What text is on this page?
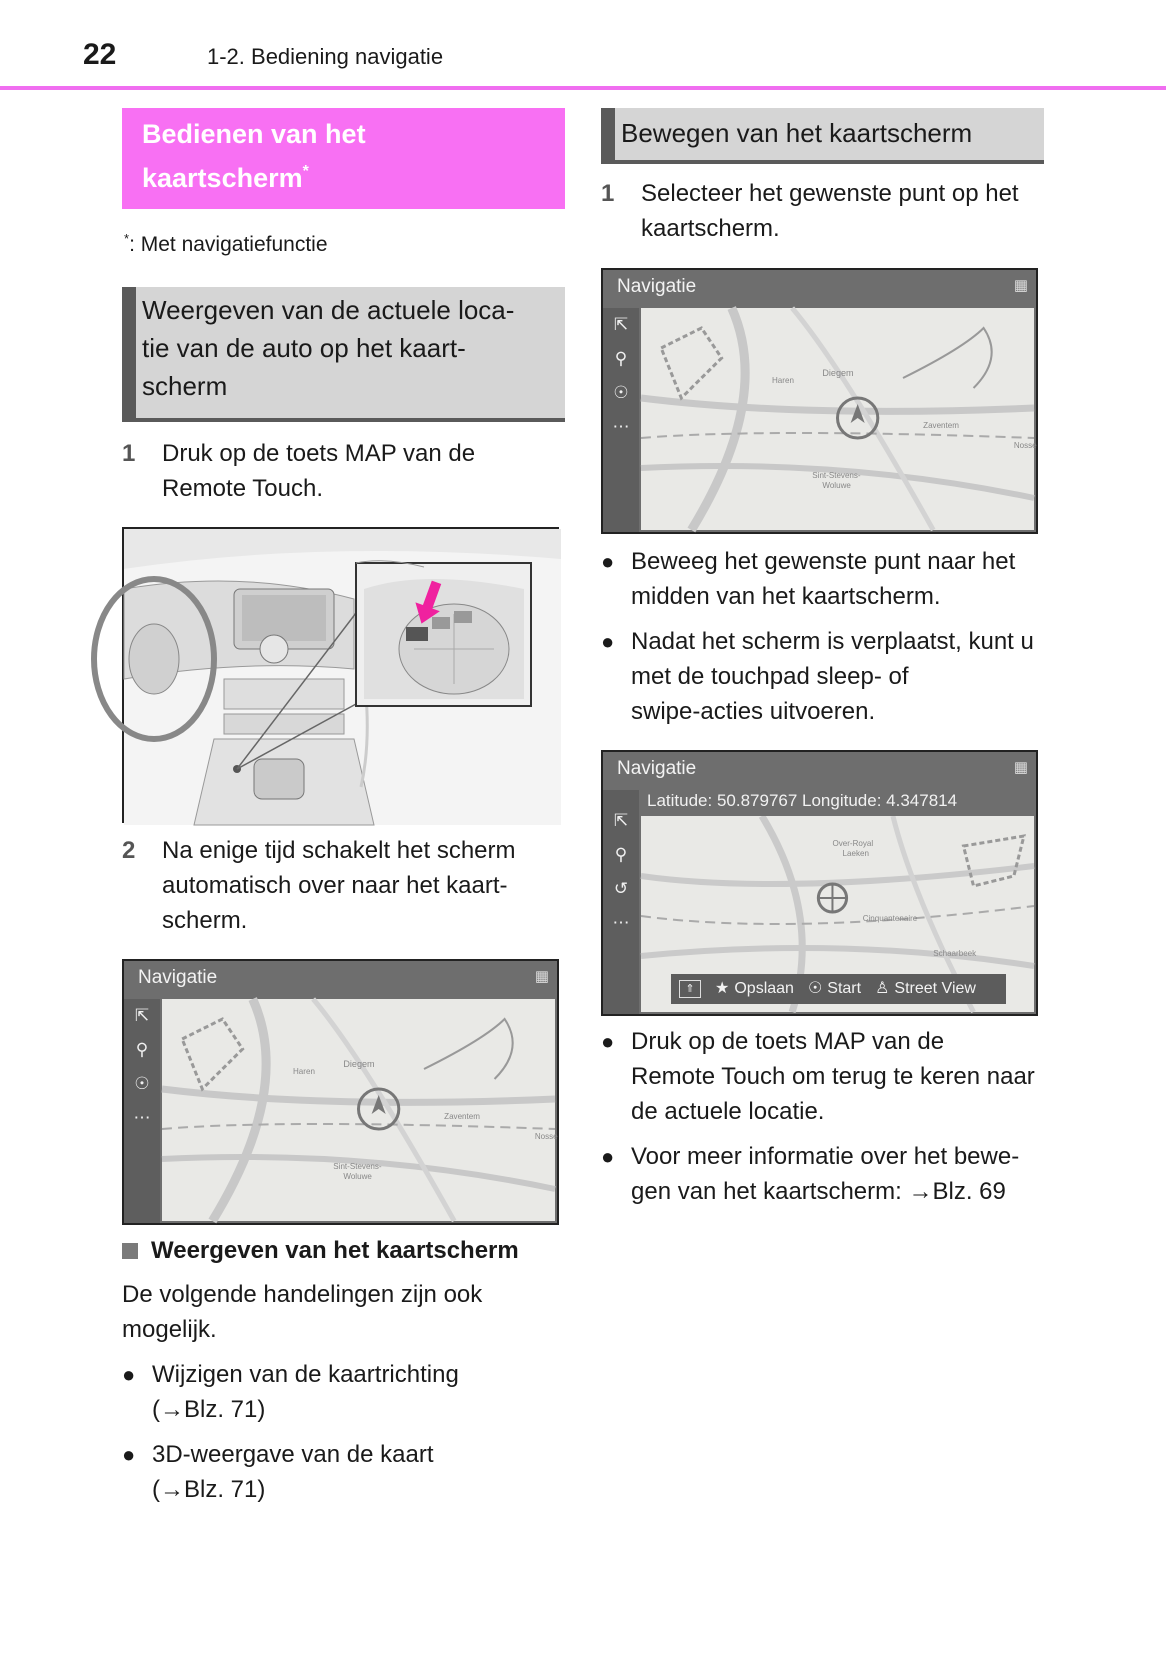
22	1-2. Bediening navigatie
Bedienen van het
kaartscherm*
*: Met navigatiefunctie
Weergeven van de actuele loca-
tie van de auto op het kaart-
scherm
1	Druk op de toets MAP van de
Remote Touch.
2	Na enige tijd schakelt het scherm
automatisch over naar het kaart-
scherm.
Navigatie	▦
⇱
⚲
☉
⋯
Diegem
Haren
Zaventem
Sint-Stevens-
Woluwe
Nosse
Weergeven van het kaartscherm
De volgende handelingen zijn ook
mogelijk.
● Wijzigen van de kaartrichting
(→Blz. 71)
● 3D-weergave van de kaart
(→Blz. 71)
Bewegen van het kaartscherm
1	Selecteer het gewenste punt op het
kaartscherm.
Navigatie	▦
⇱
⚲
☉
⋯
Diegem
Haren
Zaventem
Sint-Stevens-
Woluwe
Nosse
● Beweeg het gewenste punt naar het
midden van het kaartscherm.
● Nadat het scherm is verplaatst, kunt u
met de touchpad sleep- of
swipe-acties uitvoeren.
Navigatie	▦
⇱
⚲
↺
⋯
Over-Royal
Laeken
Cinquantenaire
Schaarbeek
Latitude: 50.879767 Longitude: 4.347814
⇑	★ Opslaan ☉ Start ♙ Street View
● Druk op de toets MAP van de
Remote Touch om terug te keren naar
de actuele locatie.
● Voor meer informatie over het bewe-
gen van het kaartscherm: →Blz. 69
